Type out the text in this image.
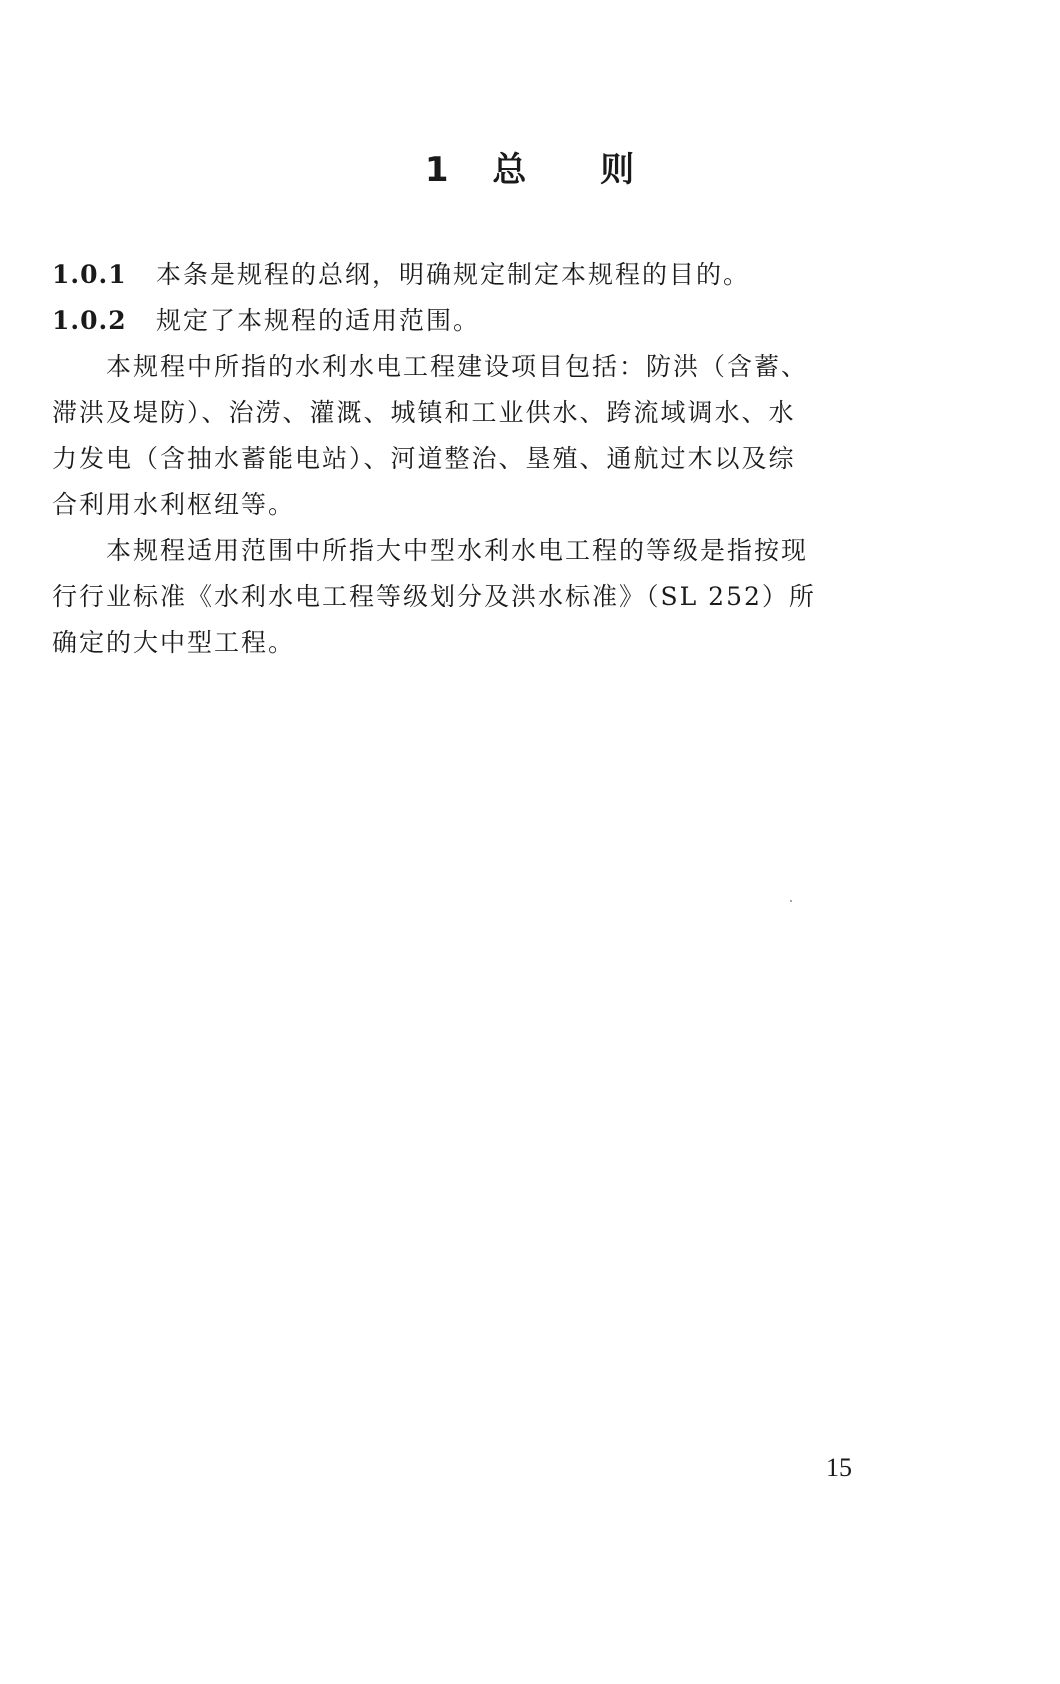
1 总 则
1.0.1 本条是规程的总纲，明确规定制定本规程的目的。
1.0.2 规定了本规程的适用范围。
本规程中所指的水利水电工程建设项目包括：防洪（含蓄、
滞洪及堤防）、治涝、灌溉、城镇和工业供水、跨流域调水、水
力发电（含抽水蓄能电站）、河道整治、垦殖、通航过木以及综
合利用水利枢纽等。
本规程适用范围中所指大中型水利水电工程的等级是指按现
行行业标准《水利水电工程等级划分及洪水标准》（SL 252）所
确定的大中型工程。
15
